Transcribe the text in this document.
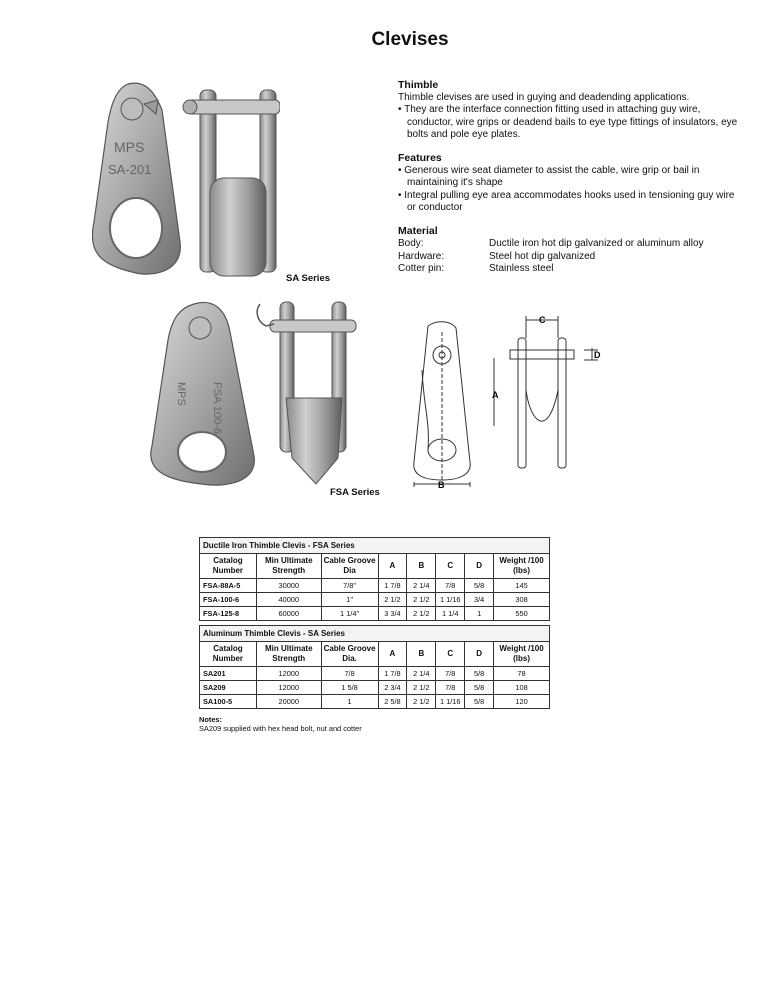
Clevises
MPS
SA-201
SA Series
MPS FSA 100-6
FSA Series
A
B
C
D
Thimble

Thimble clevises are used in guying and deadending applications.

• They are the interface connection fitting used in attaching guy wire, conductor, wire grips or deadend bails to eye type fittings of insulators, eye bolts and pole eye plates.

Features

• Generous wire seat diameter to assist the cable, wire grip or bail in maintaining it's shape

• Integral pulling eye area accommodates hooks used in tensioning guy wire or conductor

Material
Body:	Ductile iron hot dip galvanized or aluminum alloy
Hardware:	Steel hot dip galvanized
Cotter pin:	Stainless steel
Ductile Iron Thimble Clevis - FSA Series							
Catalog Number	Min Ultimate Strength	Cable Groove Dia	A	B	C	D	Weight /100 (lbs)
FSA-88A-5	30000	7/8"	1 7/8	2 1/4	7/8	5/8	145
FSA-100-6	40000	1"	2 1/2	2 1/2	1 1/16	3/4	308
FSA-125-8	60000	1 1/4"	3 3/4	2 1/2	1 1/4	1	550
Aluminum Thimble Clevis - SA Series							
Catalog Number	Min Ultimate Strength	Cable Groove Dia.	A	B	C	D	Weight /100 (lbs)
SA201	12000	7/8	1 7/8	2 1/4	7/8	5/8	78
SA209	12000	1 5/8	2 3/4	2 1/2	7/8	5/8	108
SA100-5	20000	1	2 5/8	2 1/2	1 1/16	5/8	120
Notes:
SA209 supplied with hex head bolt, nut and cotter
